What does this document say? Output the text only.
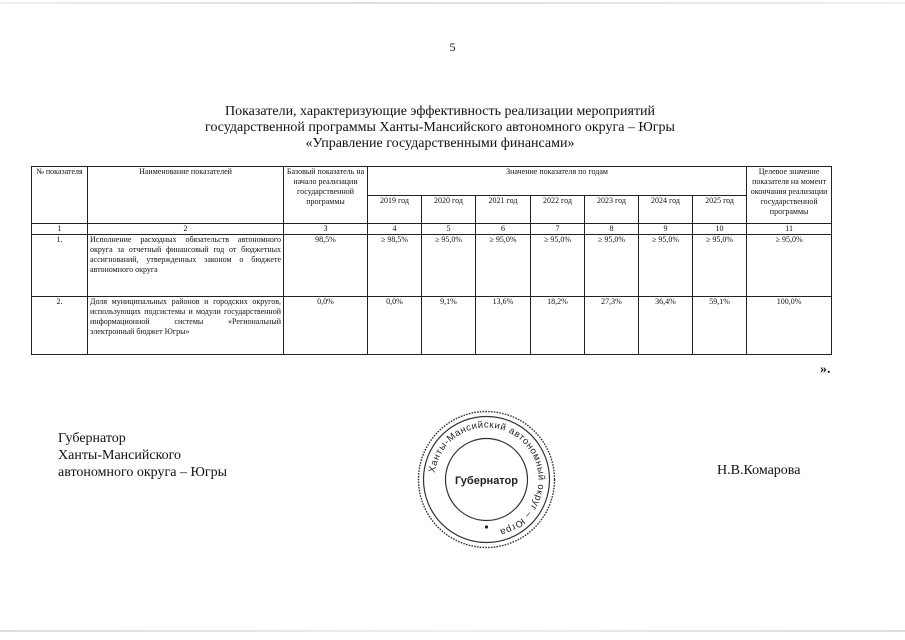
5
Показатели, характеризующие эффективность реализации мероприятий
государственной программы Ханты-Мансийского автономного округа – Югры
«Управление государственными финансами»
№ показателя	Наименование показателей	Базовый показатель на начало реализации государственной программы	Значение показателя по годам							Целевое значение показателя на момент окончания реализации государственной программы
			2019 год	2020 год	2021 год	2022 год	2023 год	2024 год	2025 год	
1	2	3	4	5	6	7	8	9	10	11
1.	Исполнение расходных обязательств автономного округа за отчетный финансовый год от бюджетных ассигнований, утвержденных законом о бюджете автономного округа	98,5%	≥ 98,5%	≥ 95,0%	≥ 95,0%	≥ 95,0%	≥ 95,0%	≥ 95,0%	≥ 95,0%	≥ 95,0%
2.	Доля муниципальных районов и городских округов, использующих подсистемы и модули государственной информационной системы «Региональный электронный бюджет Югры»	0,0%	0,0%	9,1%	13,6%	18,2%	27,3%	36,4%	59,1%	100,0%
».
Губернатор
Ханты-Мансийского
автономного округа – Югры	Ханты-Мансийский автономный округ – Югра
Губернатор
Н.В.Комарова
